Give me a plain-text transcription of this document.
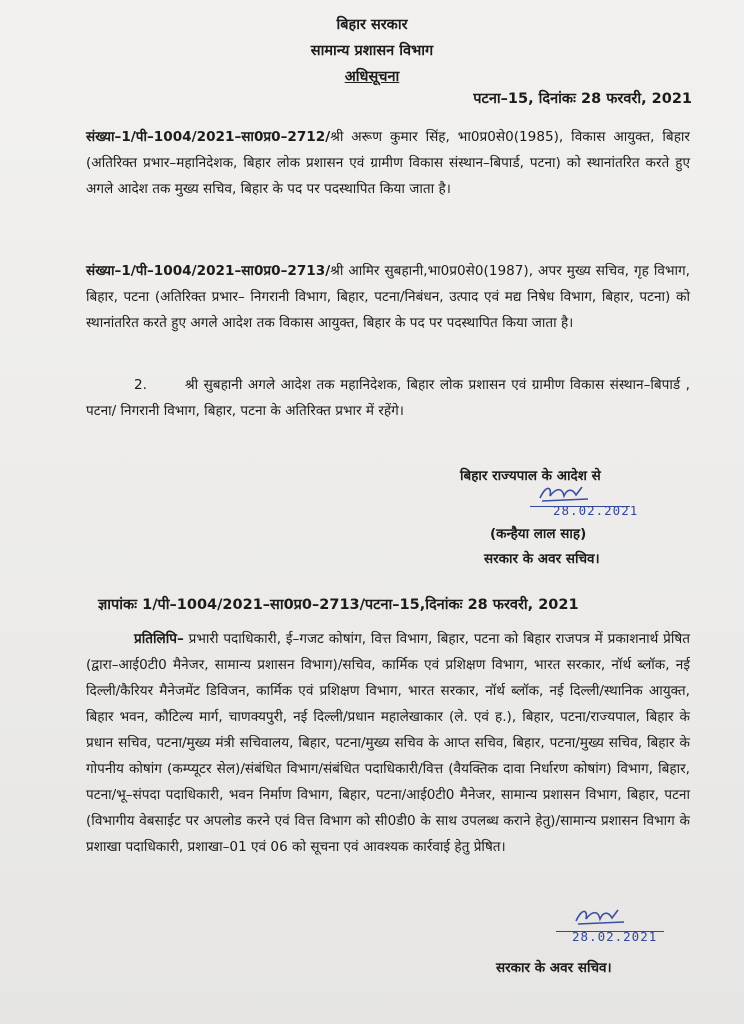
बिहार सरकार
सामान्य प्रशासन विभाग
अधिसूचना
पटना–15, दिनांकः 28 फरवरी, 2021

संख्या–1/पी–1004/2021–सा0प्र0–2712/श्री अरूण कुमार सिंह, भा0प्र0से0(1985), विकास आयुक्त, बिहार (अतिरिक्त प्रभार–महानिदेशक, बिहार लोक प्रशासन एवं ग्रामीण विकास संस्थान–बिपार्ड, पटना) को स्थानांतरित करते हुए अगले आदेश तक मुख्य सचिव, बिहार के पद पर पदस्थापित किया जाता है।

संख्या–1/पी–1004/2021–सा0प्र0–2713/श्री आमिर सुबहानी,भा0प्र0से0(1987), अपर मुख्य सचिव, गृह विभाग, बिहार, पटना (अतिरिक्त प्रभार– निगरानी विभाग, बिहार, पटना/निबंधन, उत्पाद एवं मद्य निषेध विभाग, बिहार, पटना) को स्थानांतरित करते हुए अगले आदेश तक विकास आयुक्त, बिहार के पद पर पदस्थापित किया जाता है।

2.	श्री सुबहानी अगले आदेश तक महानिदेशक, बिहार लोक प्रशासन एवं ग्रामीण विकास संस्थान–बिपार्ड , पटना/ निगरानी विभाग, बिहार, पटना के अतिरिक्त प्रभार में रहेंगे।

बिहार राज्यपाल के आदेश से
28.02.2021
(कन्हैया लाल साह)
सरकार के अवर सचिव।
ज्ञापांकः 1/पी–1004/2021–सा0प्र0–2713/पटना–15,दिनांकः 28 फरवरी, 2021

प्रतिलिपि– प्रभारी पदाधिकारी, ई–गजट कोषांग, वित्त विभाग, बिहार, पटना को बिहार राजपत्र में प्रकाशनार्थ प्रेषित (द्वारा–आई0टी0 मैनेजर, सामान्य प्रशासन विभाग)/सचिव, कार्मिक एवं प्रशिक्षण विभाग, भारत सरकार, नॉर्थ ब्लॉक, नई दिल्ली/कैरियर मैनेजमेंट डिविजन, कार्मिक एवं प्रशिक्षण विभाग, भारत सरकार, नॉर्थ ब्लॉक, नई दिल्ली/स्थानिक आयुक्त, बिहार भवन, कौटिल्य मार्ग, चाणक्यपुरी, नई दिल्ली/प्रधान महालेखाकार (ले. एवं ह.), बिहार, पटना/राज्यपाल, बिहार के प्रधान सचिव, पटना/मुख्य मंत्री सचिवालय, बिहार, पटना/मुख्य सचिव के आप्त सचिव, बिहार, पटना/मुख्य सचिव, बिहार के गोपनीय कोषांग (कम्प्यूटर सेल)/संबंधित विभाग/संबंधित पदाधिकारी/वित्त (वैयक्तिक दावा निर्धारण कोषांग) विभाग, बिहार, पटना/भू–संपदा पदाधिकारी, भवन निर्माण विभाग, बिहार, पटना/आई0टी0 मैनेजर, सामान्य प्रशासन विभाग, बिहार, पटना (विभागीय वेबसाईट पर अपलोड करने एवं वित्त विभाग को सी0डी0 के साथ उपलब्ध कराने हेतु)/सामान्य प्रशासन विभाग के प्रशाखा पदाधिकारी, प्रशाखा–01 एवं 06 को सूचना एवं आवश्यक कार्रवाई हेतु प्रेषित।

28.02.2021
सरकार के अवर सचिव।
